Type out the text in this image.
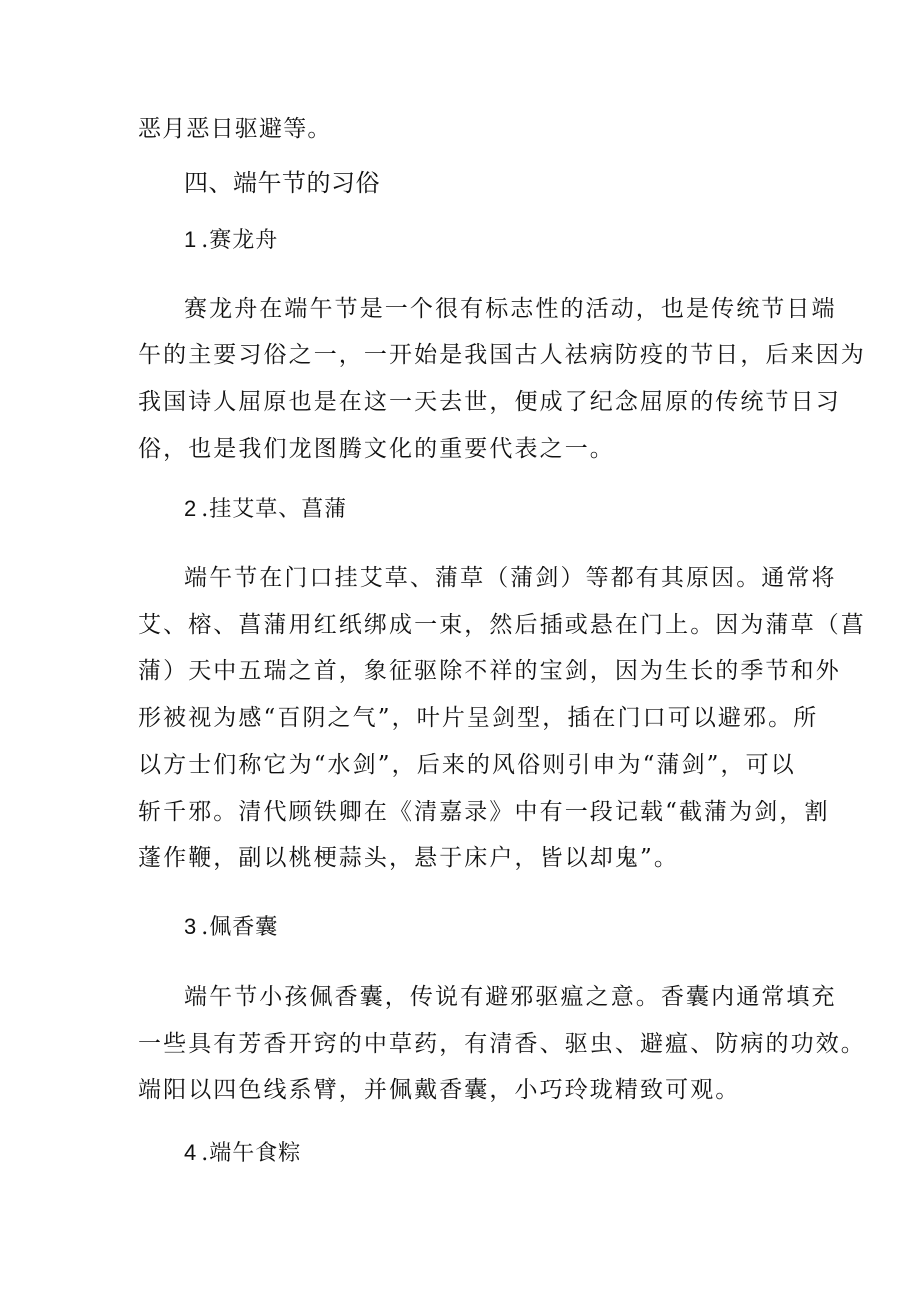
恶月恶日驱避等。
四、端午节的习俗
1 .赛龙舟
赛龙舟在端午节是一个很有标志性的活动，也是传统节日端
午的主要习俗之一，一开始是我国古人祛病防疫的节日，后来因为
我国诗人屈原也是在这一天去世，便成了纪念屈原的传统节日习
俗，也是我们龙图腾文化的重要代表之一。
2 .挂艾草、菖蒲
端午节在门口挂艾草、蒲草（蒲剑）等都有其原因。通常将
艾、榕、菖蒲用红纸绑成一束，然后插或悬在门上。因为蒲草（菖
蒲）天中五瑞之首，象征驱除不祥的宝剑，因为生长的季节和外
形被视为感“百阴之气”，叶片呈剑型，插在门口可以避邪。所
以方士们称它为“水剑”，后来的风俗则引申为“蒲剑”，可以
斩千邪。清代顾铁卿在《清嘉录》中有一段记载“截蒲为剑，割
蓬作鞭，副以桃梗蒜头，悬于床户，皆以却鬼”。
3 .佩香囊
端午节小孩佩香囊，传说有避邪驱瘟之意。香囊内通常填充
一些具有芳香开窍的中草药，有清香、驱虫、避瘟、防病的功效。
端阳以四色线系臂，并佩戴香囊，小巧玲珑精致可观。
4 .端午食粽
